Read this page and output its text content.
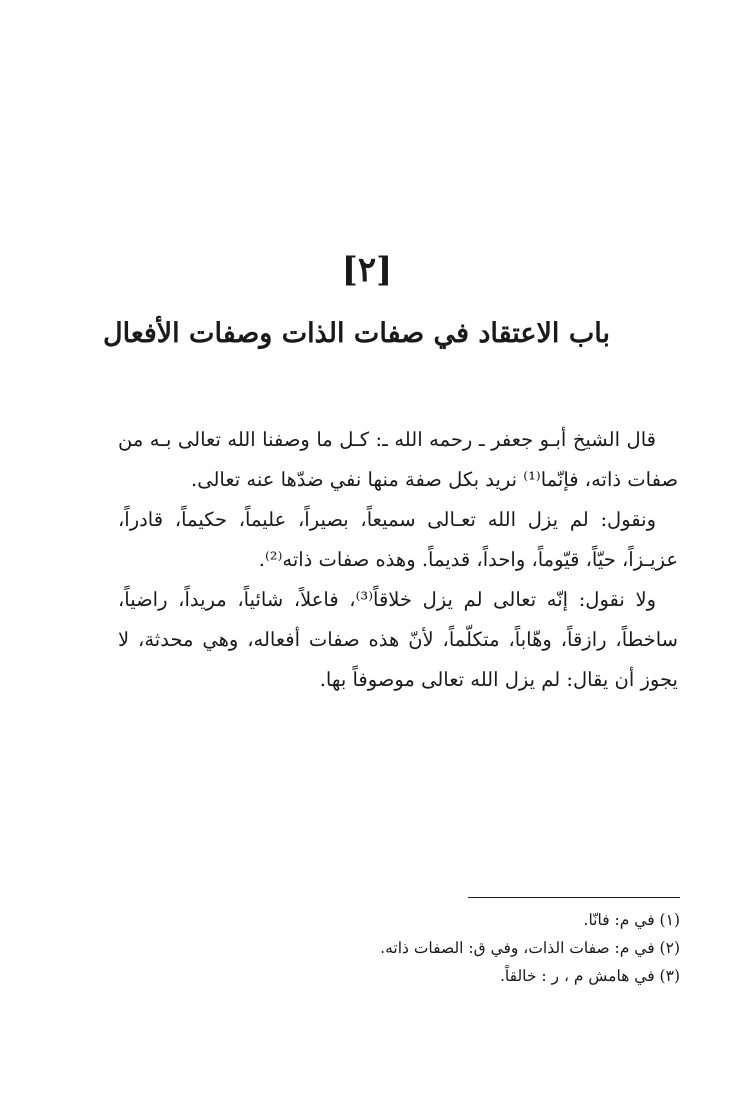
[٢]
باب الاعتقاد في صفات الذات وصفات الأفعال

قال الشيخ أبـو جعفر ـ رحمه الله ـ: كـل ما وصفنا الله تعالى بـه من صفات ذاته، فإنّما⁽¹⁾ نريد بكل صفة منها نفي ضدّها عنه تعالى.

ونقول: لم يزل الله تعـالى سميعاً، بصيراً، عليماً، حكيماً، قادراً، عزيـزاً، حيّاً، قيّوماً، واحداً، قديماً. وهذه صفات ذاته⁽²⁾.

ولا نقول: إنّه تعالى لم يزل خلاقاً⁽³⁾، فاعلاً، شائياً، مريداً، راضياً، ساخطاً، رازقاً، وهّاباً، متكلّماً، لأنّ هذه صفات أفعاله، وهي محدثة، لا يجوز أن يقال: لم يزل الله تعالى موصوفاً بها.

(١) في م: فانّا.
(٢) في م: صفات الذات، وفي ق: الصفات ذاته.
(٣) في هامش م ، ر : خالقاً.
